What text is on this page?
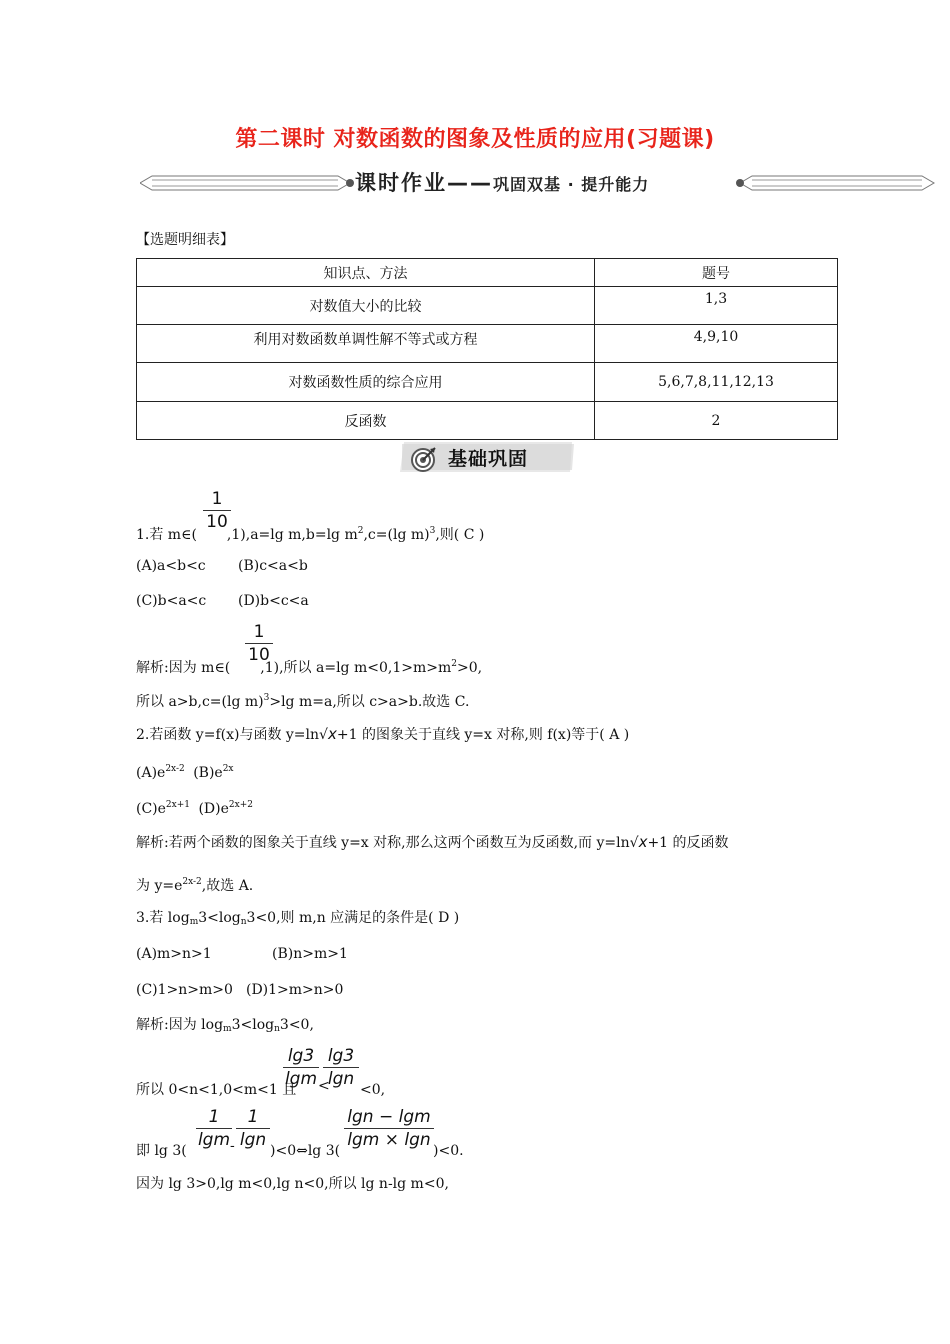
第二课时 对数函数的图象及性质的应用(习题课)
课时作业——巩固双基 · 提升能力
【选题明细表】
知识点、方法	题号
对数值大小的比较	1,3
利用对数函数单调性解不等式或方程	4,9,10
对数函数性质的综合应用	5,6,7,8,11,12,13
反函数	2
基础巩固
1
10
1.若 m∈( ,1),a=lg m,b=lg $m^2,c=(\lg$ m)$^3$,则( C )
(A)a<b<c (B)c<a<b
(C)b<a<c (D)b<c<a
1
10
解析:因为 m∈( ,1),所以 a=lg $m<0,1>m>m^2>0$,
所以 a>b,c=(lg m)$^3$>lg m=a,所以 c>a>b.故选 C.
2.若函数 y=f(x)与函数 y=ln√x+1 的图象关于直线 y=x 对称,则 f(x)等于( A )
$(A)e^{2x-2}$ $(B)e^{2x}$
$(C)e^{2x+1}$ $(D)e^{2x+2}$
解析:若两个函数的图象关于直线 y=x 对称,那么这两个函数互为反函数,而 y=ln√x+1 的反函数
为 $y=e^{2x-2}$,故选 A.
3.若 $\log_m3<\log_n3<0$,则 m,n 应满足的条件是( D )
(A)m>n>1	(B)n>m>1
(C)1>n>m>0 (D)1>m>n>0
解析:因为 $\log_m3<\log_n3<0$,
lg3
lgm <
lg3
lgn
所以 0<n<1,0<m<1 且	<0,
即 lg 3(
1
lgm -
1
lgn
)<0⇔lg 3(
lgn − lgm
lgm × lgn
)<0.
因为 lg 3>0,lg m<0,lg n<0,所以 lg n-lg m<0,
